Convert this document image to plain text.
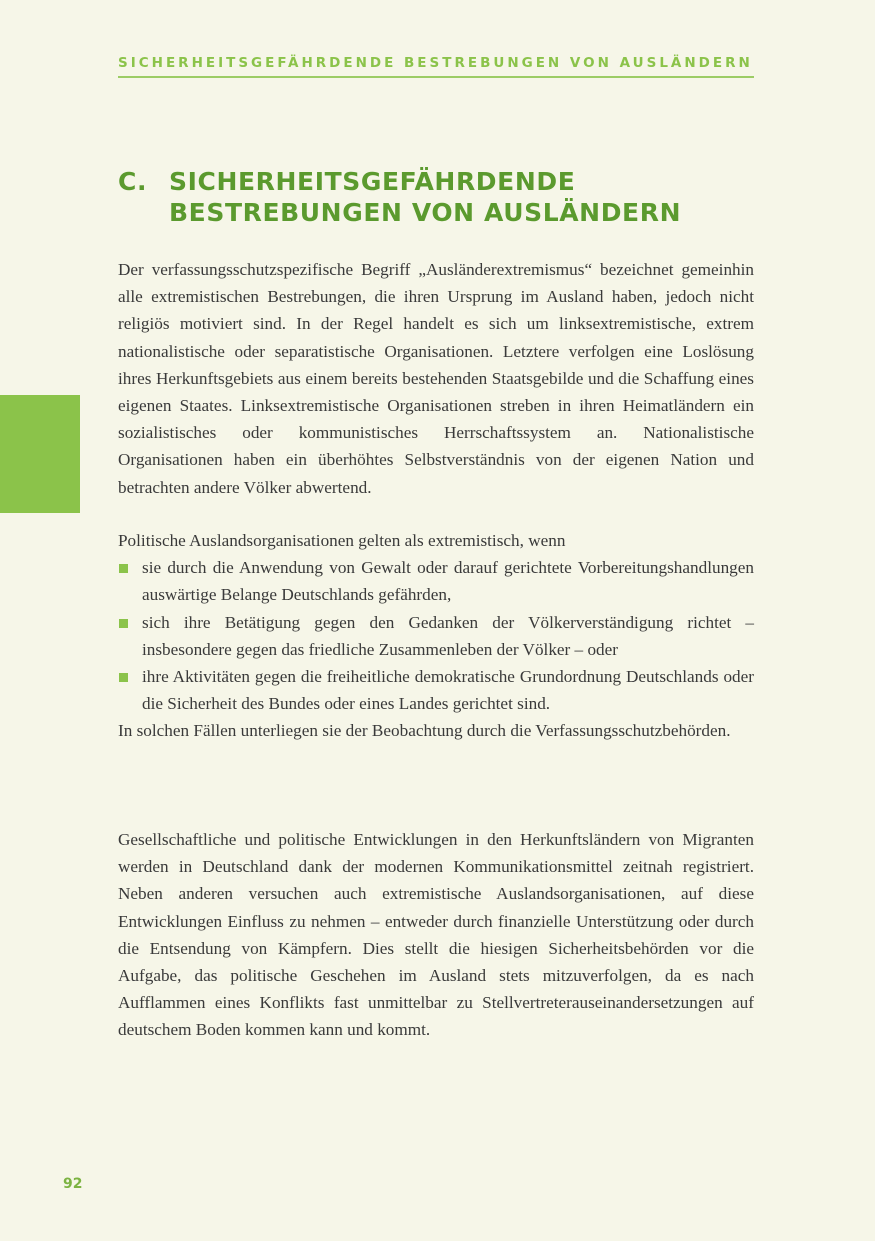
SICHERHEITSGEFÄHRDENDE BESTREBUNGEN VON AUSLÄNDERN
C. SICHERHEITSGEFÄHRDENDE
BESTREBUNGEN VON AUSLÄNDERN

Der verfassungsschutzspezifische Begriff „Ausländerextremismus“ bezeichnet gemeinhin alle extremistischen Bestrebungen, die ihren Ursprung im Ausland haben, jedoch nicht religiös motiviert sind. In der Regel handelt es sich um linksextremistische, extrem nationalistische oder separatistische Organisationen. Letztere verfolgen eine Loslösung ihres Herkunftsgebiets aus einem bereits bestehenden Staatsgebilde und die Schaffung eines eigenen Staates. Linksextremistische Organisationen streben in ihren Heimatländern ein sozialistisches oder kommunistisches Herrschaftssystem an. Nationalistische Organisationen haben ein überhöhtes Selbstverständnis von der eigenen Nation und betrachten andere Völker abwertend.

Politische Auslandsorganisationen gelten als extremistisch, wenn

sie durch die Anwendung von Gewalt oder darauf gerichtete Vorbereitungshandlungen auswärtige Belange Deutschlands gefährden,
sich ihre Betätigung gegen den Gedanken der Völkerverständigung richtet – insbesondere gegen das friedliche Zusammenleben der Völker – oder
ihre Aktivitäten gegen die freiheitliche demokratische Grundordnung Deutschlands oder die Sicherheit des Bundes oder eines Landes gerichtet sind.

In solchen Fällen unterliegen sie der Beobachtung durch die Verfassungsschutzbehörden.

Gesellschaftliche und politische Entwicklungen in den Herkunftsländern von Migranten werden in Deutschland dank der modernen Kommunikationsmittel zeitnah registriert. Neben anderen versuchen auch extremistische Auslandsorganisationen, auf diese Entwicklungen Einfluss zu nehmen – entweder durch finanzielle Unterstützung oder durch die Entsendung von Kämpfern. Dies stellt die hiesigen Sicherheitsbehörden vor die Aufgabe, das politische Geschehen im Ausland stets mitzuverfolgen, da es nach Aufflammen eines Konflikts fast unmittelbar zu Stellvertreterauseinandersetzungen auf deutschem Boden kommen kann und kommt.

92
